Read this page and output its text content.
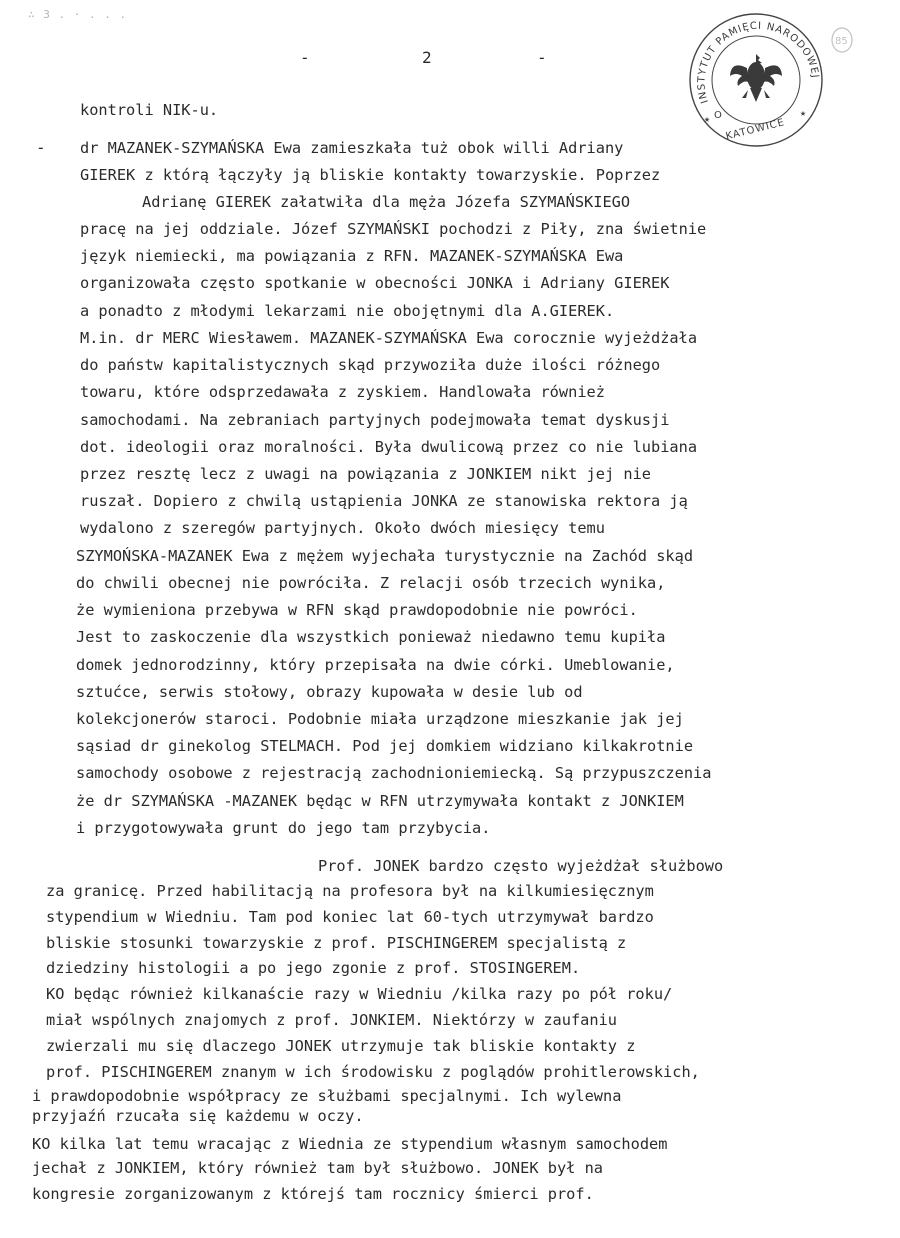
∴ 3 . · . . .
-	2	-
INSTYTUT PAMIĘCI NARODOWEJ
O
KATOWICE
★
★
85
-
kontroli NIK-u.
dr MAZANEK-SZYMAŃSKA Ewa zamieszkała tuż obok willi Adriany
GIEREK z którą łączyły ją bliskie kontakty towarzyskie. Poprzez
Adrianę GIEREK załatwiła dla męża Józefa SZYMAŃSKIEGO
pracę na jej oddziale. Józef SZYMAŃSKI pochodzi z Piły, zna świetnie
język niemiecki, ma powiązania z RFN. MAZANEK-SZYMAŃSKA Ewa
organizowała często spotkanie w obecności JONKA i Adriany GIEREK
a ponadto z młodymi lekarzami nie obojętnymi dla A.GIEREK.
M.in. dr MERC Wiesławem. MAZANEK-SZYMAŃSKA Ewa corocznie wyjeżdżała
do państw kapitalistycznych skąd przywoziła duże ilości różnego
towaru, które odsprzedawała z zyskiem. Handlowała również
samochodami. Na zebraniach partyjnych podejmowała temat dyskusji
dot. ideologii oraz moralności. Była dwulicową przez co nie lubiana
przez resztę lecz z uwagi na powiązania z JONKIEM nikt jej nie
ruszał. Dopiero z chwilą ustąpienia JONKA ze stanowiska rektora ją
wydalono z szeregów partyjnych. Około dwóch miesięcy temu
SZYMOŃSKA-MAZANEK Ewa z mężem wyjechała turystycznie na Zachód skąd
do chwili obecnej nie powróciła. Z relacji osób trzecich wynika,
że wymieniona przebywa w RFN skąd prawdopodobnie nie powróci.
Jest to zaskoczenie dla wszystkich ponieważ niedawno temu kupiła
domek jednorodzinny, który przepisała na dwie córki. Umeblowanie,
sztućce, serwis stołowy, obrazy kupowała w desie lub od
kolekcjonerów staroci. Podobnie miała urządzone mieszkanie jak jej
sąsiad dr ginekolog STELMACH. Pod jej domkiem widziano kilkakrotnie
samochody osobowe z rejestracją zachodnioniemiecką. Są przypuszczenia
że dr SZYMAŃSKA -MAZANEK będąc w RFN utrzymywała kontakt z JONKIEM
i przygotowywała grunt do jego tam przybycia.
Prof. JONEK bardzo często wyjeżdżał służbowo
za granicę. Przed habilitacją na profesora był na kilkumiesięcznym
stypendium w Wiedniu. Tam pod koniec lat 60-tych utrzymywał bardzo
bliskie stosunki towarzyskie z prof. PISCHINGEREM specjalistą z
dziedziny histologii a po jego zgonie z prof. STOSINGEREM.
KO będąc również kilkanaście razy w Wiedniu /kilka razy po pół roku/
miał wspólnych znajomych z prof. JONKIEM. Niektórzy w zaufaniu
zwierzali mu się dlaczego JONEK utrzymuje tak bliskie kontakty z
prof. PISCHINGEREM znanym w ich środowisku z poglądów prohitlerowskich,
i prawdopodobnie współpracy ze służbami specjalnymi. Ich wylewna
przyjaźń rzucała się każdemu w oczy.
KO kilka lat temu wracając z Wiednia ze stypendium własnym samochodem
jechał z JONKIEM, który również tam był służbowo. JONEK był na
kongresie zorganizowanym z którejś tam rocznicy śmierci prof.
